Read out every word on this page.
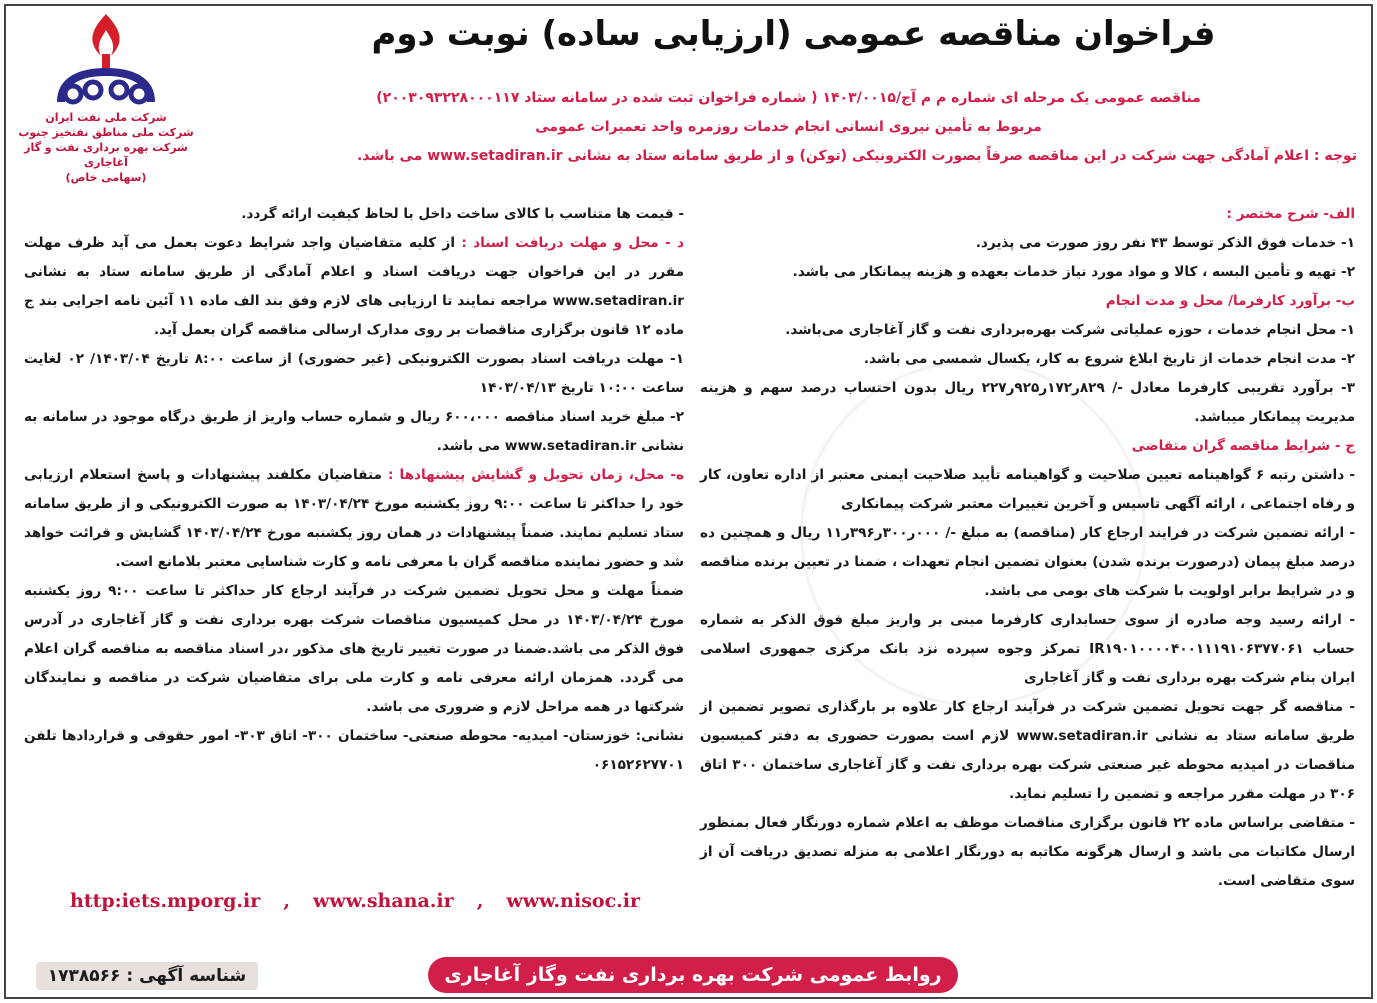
شرکت ملی نفت ایران
شرکت ملی مناطق نفتخیز جنوب
شرکت بهره برداری نفت و گاز آغاجاری
(سهامی خاص)
فراخوان مناقصه عمومی (ارزیابی ساده) نوبت دوم
مناقصه عمومی یک مرحله ای شماره م م آج/۱۴۰۳/۰۰۱۵ ( شماره فراخوان ثبت شده در سامانه ستاد ۲۰۰۳۰۹۳۲۲۸۰۰۰۱۱۷)
مربوط به تأمین نیروی انسانی انجام خدمات روزمره واحد تعمیرات عمومی
توجه : اعلام آمادگی جهت شرکت در این مناقصه صرفاً بصورت الکترونیکی (توکن) و از طریق سامانه ستاد به نشانی www.setadiran.ir می باشد.

الف- شرح مختصر :

۱- خدمات فوق الذکر توسط ۴۳ نفر روز صورت می پذیرد.

۲- تهیه و تأمین البسه ، کالا و مواد مورد نیاز خدمات بعهده و هزینه پیمانکار می باشد.

ب- برآورد کارفرما/ محل و مدت انجام

۱- محل انجام خدمات ، حوزه عملیاتی شرکت بهره‌برداری نفت و گاز آغاجاری می‌باشد.

۲- مدت انجام خدمات از تاریخ ابلاغ شروع به کار، یکسال شمسی می باشد.

۳- برآورد تقریبی کارفرما معادل -/ ۸۲۹ر۱۷۲ر۹۲۵ر۲۲۷ ریال بدون احتساب درصد سهم و هزینه مدیریت پیمانکار میباشد.

ج - شرایط مناقصه گران متقاضی

- داشتن رتبه ۶ گواهینامه تعیین صلاحیت و گواهینامه تأیید صلاحیت ایمنی معتبر از اداره تعاون، کار و رفاه اجتماعی ، ارائه آگهی تاسیس و آخرین تغییرات معتبر شرکت پیمانکاری

- ارائه تضمین شرکت در فرایند ارجاع کار (مناقصه) به مبلغ -/ ۰۰۰ر۳۰۰ر۳۹۶ر۱۱ ریال و همچنین ده درصد مبلغ پیمان (درصورت برنده شدن) بعنوان تضمین انجام تعهدات ، ضمنا در تعیین برنده مناقصه و در شرایط برابر اولویت با شرکت های بومی می باشد.

- ارائه رسید وجه صادره از سوی حسابداری کارفرما مبنی بر واریز مبلغ فوق الذکر به شماره حساب IR۱۹۰۱۰۰۰۰۴۰۰۱۱۱۹۱۰۶۳۷۷۰۶۱ تمرکز وجوه سپرده نزد بانک مرکزی جمهوری اسلامی ایران بنام شرکت بهره برداری نفت و گاز آغاجاری

- مناقصه گر جهت تحویل تضمین شرکت در فرآیند ارجاع کار علاوه بر بارگذاری تصویر تضمین از طریق سامانه ستاد به نشانی www.setadiran.ir لازم است بصورت حضوری به دفتر کمیسیون مناقصات در امیدیه محوطه غیر صنعتی شرکت بهره برداری نفت و گاز آغاجاری ساختمان ۳۰۰ اتاق ۳۰۶ در مهلت مقرر مراجعه و تضمین را تسلیم نماید.

- متقاضی براساس ماده ۲۲ قانون برگزاری مناقصات موظف به اعلام شماره دورنگار فعال بمنظور ارسال مکاتبات می باشد و ارسال هرگونه مکاتبه به دورنگار اعلامی به منزله تصدیق دریافت آن از سوی متقاضی است.

- قیمت ها متناسب با کالای ساخت داخل با لحاظ کیفیت ارائه گردد.

د - محل و مهلت دریافت اسناد : از کلیه متقاضیان واجد شرایط دعوت بعمل می آید ظرف مهلت مقرر در این فراخوان جهت دریافت اسناد و اعلام آمادگی از طریق سامانه ستاد به نشانی www.setadiran.ir مراجعه نمایند تا ارزیابی های لازم وفق بند الف ماده ۱۱ آئین نامه اجرایی بند ج ماده ۱۲ قانون برگزاری مناقصات بر روی مدارک ارسالی مناقصه گران بعمل آید.

۱- مهلت دریافت اسناد بصورت الکترونیکی (غیر حضوری) از ساعت ۸:۰۰ تاریخ ۱۴۰۳/۰۴/ ۰۲ لغایت ساعت ۱۰:۰۰ تاریخ ۱۴۰۳/۰۴/۱۳

۲- مبلغ خرید اسناد مناقصه ۶۰۰،۰۰۰ ریال و شماره حساب واریز از طریق درگاه موجود در سامانه به نشانی www.setadiran.ir می باشد.

ه- محل، زمان تحویل و گشایش پیشنهادها : متقاضیان مکلفند پیشنهادات و پاسخ استعلام ارزیابی خود را حداکثر تا ساعت ۹:۰۰ روز یکشنبه مورخ ۱۴۰۳/۰۴/۲۴ به صورت الکترونیکی و از طریق سامانه ستاد تسلیم نمایند. ضمناً پیشنهادات در همان روز یکشنبه مورخ ۱۴۰۳/۰۴/۲۴ گشایش و قرائت خواهد شد و حضور نماینده مناقصه گران با معرفی نامه و کارت شناسایی معتبر بلامانع است.

ضمناً مهلت و محل تحویل تضمین شرکت در فرآیند ارجاع کار حداکثر تا ساعت ۹:۰۰ روز یکشنبه مورخ ۱۴۰۳/۰۴/۲۴ در محل کمیسیون مناقصات شرکت بهره برداری نفت و گاز آغاجاری در آدرس فوق الذکر می باشد.ضمنا در صورت تغییر تاریخ های مذکور ،در اسناد مناقصه به مناقصه گران اعلام می گردد. همزمان ارائه معرفی نامه و کارت ملی برای متقاضیان شرکت در مناقصه و نمایندگان شرکتها در همه مراحل لازم و ضروری می باشد.

نشانی: خوزستان- امیدیه- محوطه صنعتی- ساختمان ۳۰۰- اتاق ۳۰۳- امور حقوقی و قراردادها تلفن ۰۶۱۵۲۶۲۷۷۰۱

http:iets.mporg.ir , www.shana.ir , www.nisoc.ir
روابط عمومی شرکت بهره برداری نفت وگاز آغاجاری
شناسه آگهی : ۱۷۳۸۵۶۶
